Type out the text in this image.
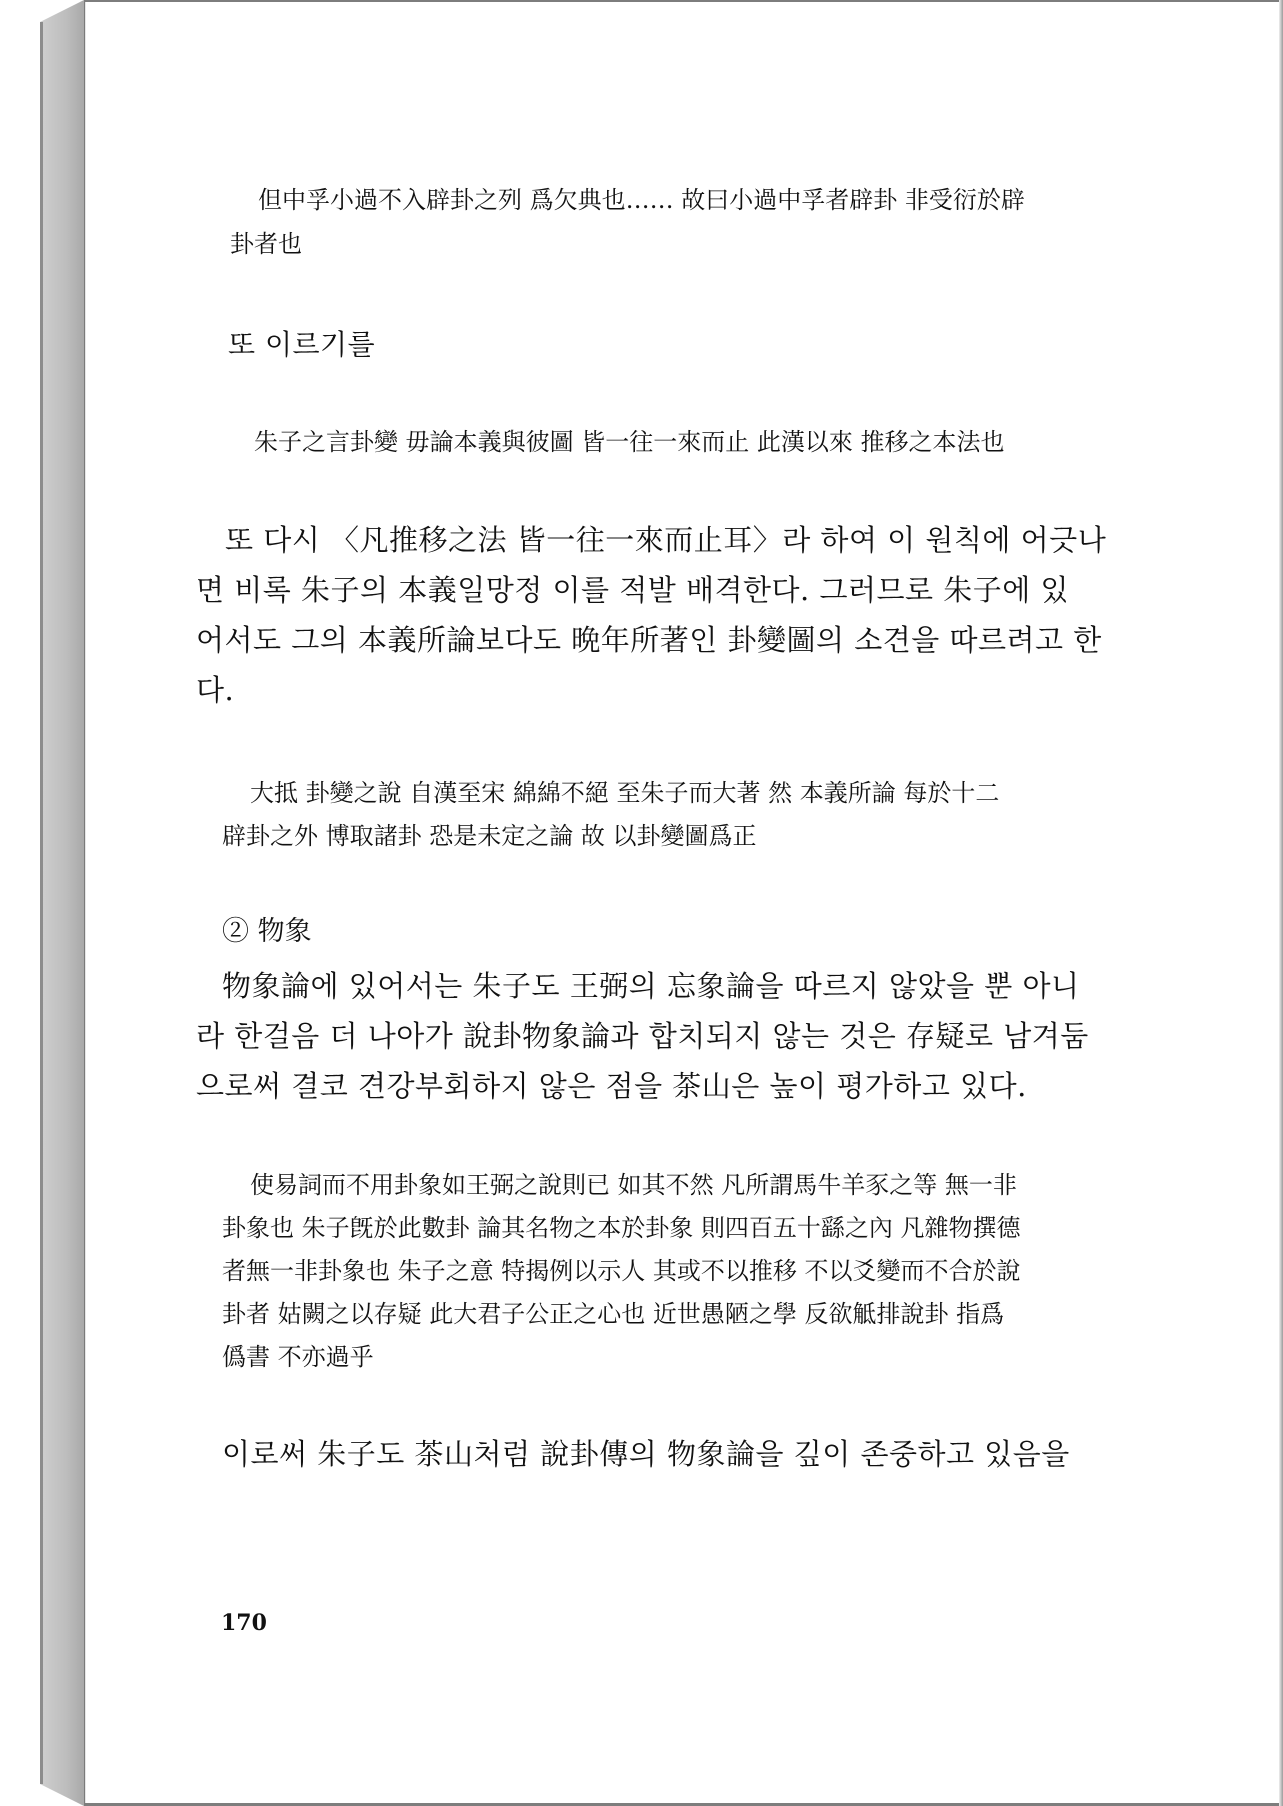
但中孚小過不入辟卦之列 爲欠典也…… 故曰小過中孚者辟卦 非受衍於辟
卦者也
또 이르기를
朱子之言卦變 毋論本義與彼圖 皆一往一來而止 此漢以來 推移之本法也
또 다시 〈凡推移之法 皆一往一來而止耳〉라 하여 이 원칙에 어긋나
면 비록 朱子의 本義일망정 이를 적발 배격한다. 그러므로 朱子에 있
어서도 그의 本義所論보다도 晩年所著인 卦變圖의 소견을 따르려고 한
다.
大抵 卦變之說 自漢至宋 綿綿不絕 至朱子而大著 然 本義所論 每於十二
辟卦之外 博取諸卦 恐是未定之論 故 以卦變圖爲正
② 物象
物象論에 있어서는 朱子도 王弼의 忘象論을 따르지 않았을 뿐 아니
라 한걸음 더 나아가 說卦物象論과 합치되지 않는 것은 存疑로 남겨둠
으로써 결코 견강부회하지 않은 점을 茶山은 높이 평가하고 있다.
使易詞而不用卦象如王弼之說則已 如其不然 凡所謂馬牛羊豕之等 無一非
卦象也 朱子旣於此數卦 論其名物之本於卦象 則四百五十繇之內 凡雜物撰德
者無一非卦象也 朱子之意 特揭例以示人 其或不以推移 不以爻變而不合於說
卦者 姑闕之以存疑 此大君子公正之心也 近世愚陋之學 反欲觝排說卦 指爲
僞書 不亦過乎
이로써 朱子도 茶山처럼 說卦傳의 物象論을 깊이 존중하고 있음을
170
